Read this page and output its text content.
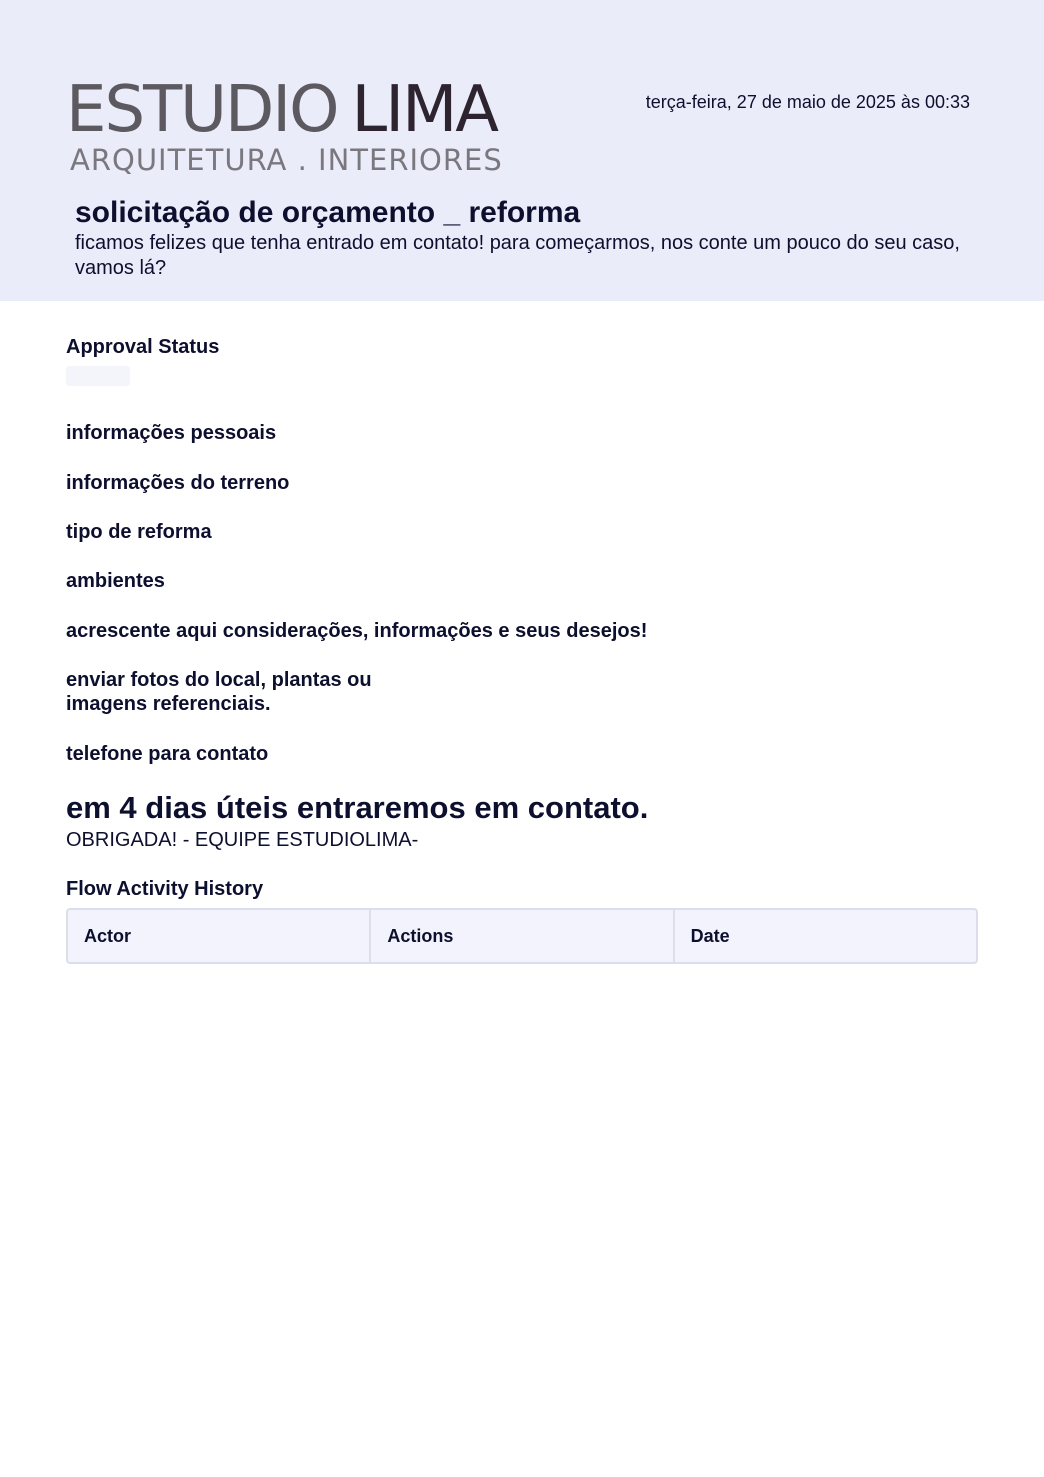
ESTUDIO LIMA
ARQUITETURA . INTERIORES
terça-feira, 27 de maio de 2025 às 00:33
solicitação de orçamento _ reforma

ficamos felizes que tenha entrado em contato! para começarmos, nos conte um pouco do seu caso, vamos lá?

Approval Status
informações pessoais
informações do terreno
tipo de reforma
ambientes
acrescente aqui considerações, informações e seus desejos!
enviar fotos do local, plantas ou
imagens referenciais.
telefone para contato
em 4 dias úteis entraremos em contato.

OBRIGADA! - EQUIPE ESTUDIOLIMA-

Flow Activity History
Actor	Actions	Date
